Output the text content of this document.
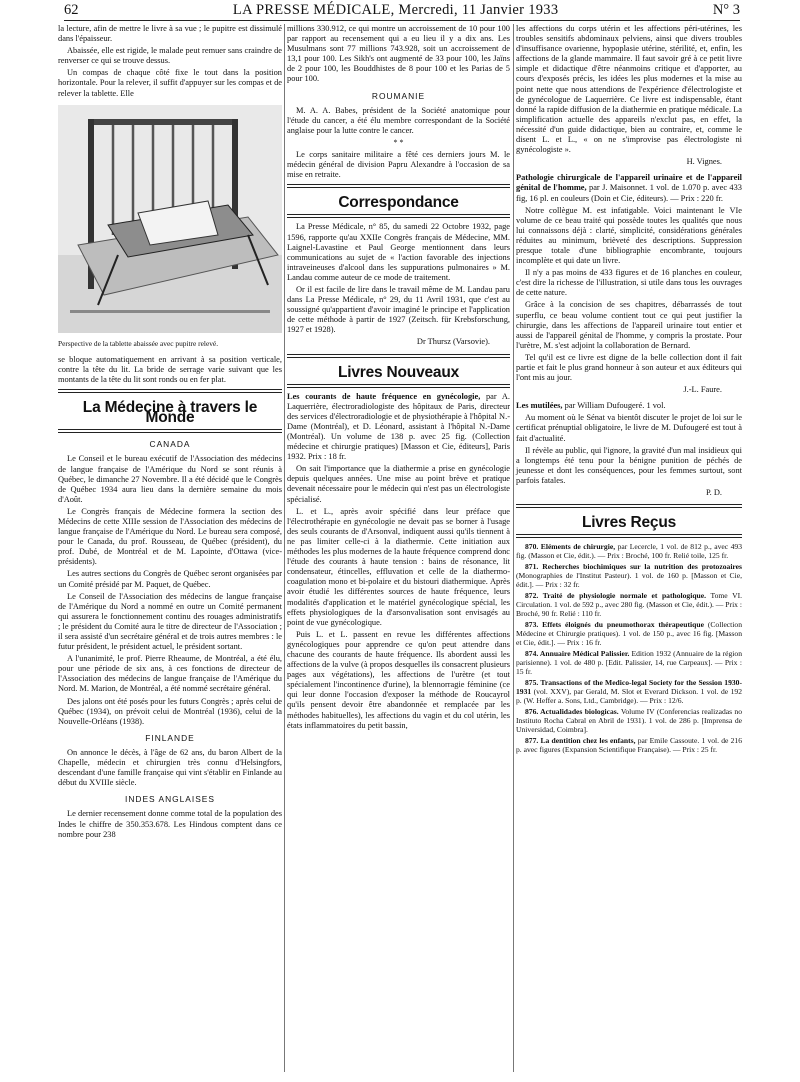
62	LA PRESSE MÉDICALE, Mercredi, 11 Janvier 1933	N° 3

la lecture, afin de mettre le livre à sa vue ; le pupitre est dissimulé dans l'épaisseur.

Abaissée, elle est rigide, le malade peut remuer sans craindre de renverser ce qui se trouve dessus.

Un compas de chaque côté fixe le tout dans la position horizontale. Pour la relever, il suffit d'appuyer sur les compas et de relever la tablette. Elle

Perspective de la tablette abaissée avec pupitre relevé.

se bloque automatiquement en arrivant à sa position verticale, contre la tête du lit. La bride de serrage varie suivant que les montants de la tête du lit sont ronds ou en fer plat.

La Médecine à travers le Monde
CANADA

Le Conseil et le bureau exécutif de l'Association des médecins de langue française de l'Amérique du Nord se sont réunis à Québec, le dimanche 27 Novembre. Il a été décidé que le Congrès de Québec 1934 aura lieu dans la dernière semaine du mois d'Août.

Le Congrès français de Médecine formera la section des Médecins de cette XIIIe session de l'Association des médecins de langue française de l'Amérique du Nord. Le bureau sera composé, pour le Canada, du prof. Rousseau, de Québec (président), du prof. Dubé, de Montréal et de M. Lapointe, d'Ottawa (vice-présidents).

Les autres sections du Congrès de Québec seront organisées par un Comité présidé par M. Paquet, de Québec.

Le Conseil de l'Association des médecins de langue française de l'Amérique du Nord a nommé en outre un Comité permanent qui assurera le fonctionnement continu des rouages administratifs ; le président du Comité aura le titre de directeur de l'Association ; il sera assisté d'un secrétaire général et de trois autres membres : le futur président, le président actuel, le président sortant.

A l'unanimité, le prof. Pierre Rheaume, de Montréal, a été élu, pour une période de six ans, à ces fonctions de directeur de l'Association des médecins de langue française de l'Amérique du Nord. M. Marion, de Montréal, a été nommé secrétaire général.

Des jalons ont été posés pour les futurs Congrès ; après celui de Québec (1934), on prévoit celui de Montréal (1936), celui de la Nouvelle-Orléans (1938).

FINLANDE

On annonce le décès, à l'âge de 62 ans, du baron Albert de la Chapelle, médecin et chirurgien très connu d'Helsingfors, descendant d'une famille française qui vint s'établir en Finlande au début du XVIIIe siècle.

INDES ANGLAISES

Le dernier recensement donne comme total de la population des Indes le chiffre de 350.353.678. Les Hindous comptent dans ce nombre pour 238

millions 330.912, ce qui montre un accroissement de 10 pour 100 par rapport au recensement qui a eu lieu il y a dix ans. Les Musulmans sont 77 millions 743.928, soit un accroissement de 13,1 pour 100. Les Sikh's ont augmenté de 33 pour 100, les Jaïns de 2 pour 100, les Bouddhistes de 8 pour 100 et les Parias de 5 pour 100.

ROUMANIE

M. A. A. Babes, président de la Société anatomique pour l'étude du cancer, a été élu membre correspondant de la Société anglaise pour la lutte contre le cancer.

* *

Le corps sanitaire militaire a fêté ces derniers jours M. le médecin général de division Papru Alexandre à l'occasion de sa mise en retraite.

Correspondance

La Presse Médicale, n° 85, du samedi 22 Octobre 1932, page 1596, rapporte qu'au XXIIe Congrès français de Médecine, MM. Laignel-Lavastine et Paul George mentionnent dans leurs communications au sujet de « l'action favorable des injections intraveineuses d'alcool dans les suppurations pulmonaires » M. Landau comme auteur de ce mode de traitement.

Or il est facile de lire dans le travail même de M. Landau paru dans La Presse Médicale, n° 29, du 11 Avril 1931, que c'est au soussigné qu'appartient d'avoir imaginé le principe et l'application de cette méthode à partir de 1927 (Zeitsch. für Krebsforschung, 1927 et 1928).

Dr Thursz (Varsovie).
Livres Nouveaux

Les courants de haute fréquence en gynécologie, par A. Laquerrière, électroradiologiste des hôpitaux de Paris, directeur des services d'électroradiologie et de physiothérapie à l'hôpital N.-Dame (Montréal), et D. Léonard, assistant à l'hôpital N.-Dame (Montréal). Un volume de 138 p. avec 25 fig. (Collection médecine et chirurgie pratiques) [Masson et Cie, éditeurs], Paris 1932. Prix : 18 fr.

On sait l'importance que la diathermie a prise en gynécologie depuis quelques années. Une mise au point brève et pratique devenait nécessaire pour le médecin qui n'est pas un électrologiste spécialisé.

L. et L., après avoir spécifié dans leur préface que l'électrothérapie en gynécologie ne devait pas se borner à l'usage des seuls courants de d'Arsonval, indiquent aussi qu'ils tiennent à ne pas limiter celle-ci à la diathermie. Cette initiation aux méthodes les plus modernes de la haute fréquence comprend donc l'étude des courants à haute tension : bains de résonance, lit condensateur, étincelles, effluvation et celle de la diathermo-coagulation mono et bi-polaire et du bistouri diathermique. Après avoir étudié les différentes sources de haute fréquence, leurs modalités d'application et le matériel gynécologique spécial, les effets physiologiques de la d'arsonvalisation sont envisagés au point de vue gynécologique.

Puis L. et L. passent en revue les différentes affections gynécologiques pour apprendre ce qu'on peut attendre dans chacune des courants de haute fréquence. Ils abordent aussi les affections de la vulve (à propos desquelles ils consacrent plusieurs pages aux végétations), les affections de l'urètre (et tout spécialement l'incontinence d'urine), la blennorragie féminine (ce qui leur donne l'occasion d'exposer la méthode de Roucayrol qu'ils pensent devoir être abandonnée et remplacée par les méthodes habituelles), les affections du vagin et du col utérin, les états inflammatoires du petit bassin,

les affections du corps utérin et les affections péri-utérines, les troubles sensitifs abdominaux pelviens, ainsi que divers troubles d'insuffisance ovarienne, hypoplasie utérine, stérilité, et, enfin, les affections de la glande mammaire. Il faut savoir gré à ce petit livre simple et didactique d'être néanmoins critique et d'apporter, au cours d'exposés précis, les idées les plus modernes et la mise au point nette que nous attendions de l'expérience d'électrologiste et de gynécologue de Laquerrière. Ce livre est indispensable, étant donné la rapide diffusion de la diathermie en pratique médicale. La simplification actuelle des appareils n'exclut pas, en effet, la nécessité d'un guide didactique, bien au contraire, et, comme le disent L. et L., « on ne s'improvise pas électrologiste ni gynécologiste ».

H. Vignes.

Pathologie chirurgicale de l'appareil urinaire et de l'appareil génital de l'homme, par J. Maisonnet. 1 vol. de 1.070 p. avec 433 fig, 16 pl. en couleurs (Doin et Cie, éditeurs). — Prix : 220 fr.

Notre collègue M. est infatigable. Voici maintenant le VIe volume de ce beau traité qui possède toutes les qualités que nous lui connaissons déjà : clarté, simplicité, considérations générales réduites au minimum, brièveté des descriptions. Suppression presque totale d'une bibliographie encombrante, toujours incomplète et qui date un livre.

Il n'y a pas moins de 433 figures et de 16 planches en couleur, c'est dire la richesse de l'illustration, si utile dans tous les ouvrages de cette nature.

Grâce à la concision de ses chapitres, débarrassés de tout superflu, ce beau volume contient tout ce qui peut justifier la chirurgie, dans les affections de l'appareil urinaire tout entier et aussi de l'appareil génital de l'homme, y compris la prostate. Pour l'urètre, M. s'est adjoint la collaboration de Bernard.

Tel qu'il est ce livre est digne de la belle collection dont il fait partie et fait le plus grand honneur à son auteur et aux éditeurs qui l'ont mis au jour.

J.-L. Faure.

Les mutilées, par William Dufougeré. 1 vol.

Au moment où le Sénat va bientôt discuter le projet de loi sur le certificat prénuptial obligatoire, le livre de M. Dufougeré est tout à fait d'actualité.

Il révèle au public, qui l'ignore, la gravité d'un mal insidieux qui a longtemps été tenu pour la bénigne punition de péchés de jeunesse et dont les conséquences, pour les femmes surtout, sont parfois fatales.

P. D.
Livres Reçus

870. Eléments de chirurgie, par Lecercle, 1 vol. de 812 p., avec 493 fig. (Masson et Cie, édit.). — Prix : Broché, 100 fr. Relié toile, 125 fr.

871. Recherches biochimiques sur la nutrition des protozoaires (Monographies de l'Institut Pasteur). 1 vol. de 160 p. [Masson et Cie, édit.]. — Prix : 32 fr.

872. Traité de physiologie normale et pathologique. Tome VI. Circulation. 1 vol. de 592 p., avec 280 fig. (Masson et Cie, édit.). — Prix : Broché, 90 fr. Relié : 110 fr.

873. Effets éloignés du pneumothorax thérapeutique (Collection Médecine et Chirurgie pratiques). 1 vol. de 150 p., avec 16 fig. [Masson et Cie, édit.]. — Prix : 16 fr.

874. Annuaire Médical Palissier. Edition 1932 (Annuaire de la région parisienne). 1 vol. de 480 p. [Edit. Palissier, 14, rue Carpeaux]. — Prix : 15 fr.

875. Transactions of the Medico-legal Society for the Session 1930-1931 (vol. XXV), par Gerald, M. Slot et Everard Dickson. 1 vol. de 192 p. (W. Heffer a. Sons, Ltd., Cambridge). — Prix : 12/6.

876. Actualidades biologicas. Volume IV (Conferencias realizadas no Instituto Rocha Cabral en Abril de 1931). 1 vol. de 286 p. [Imprensa de Universidad, Coimbra].

877. La dentition chez les enfants, par Emile Cassoute. 1 vol. de 216 p. avec figures (Expansion Scientifique Française). — Prix : 25 fr.
